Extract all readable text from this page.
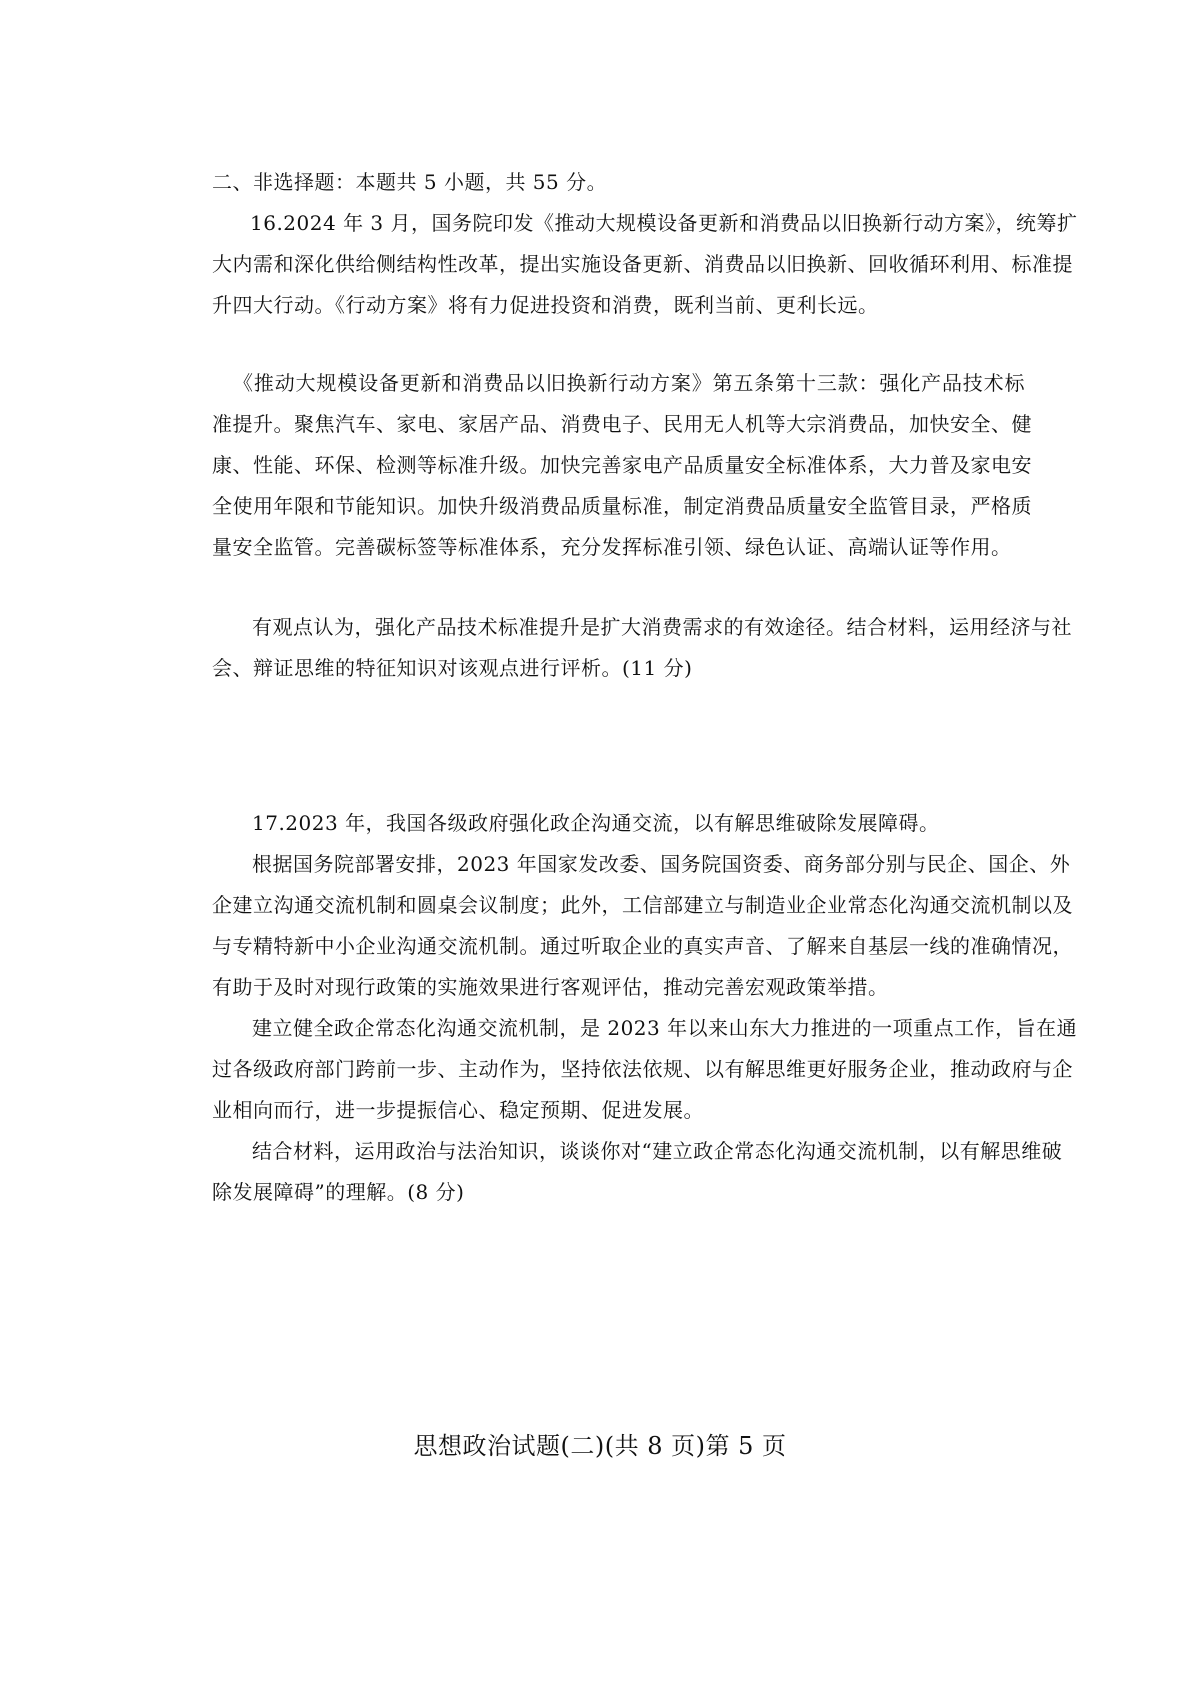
二、非选择题：本题共 5 小题，共 55 分。
16.2024 年 3 月，国务院印发《推动大规模设备更新和消费品以旧换新行动方案》，统筹扩
大内需和深化供给侧结构性改革，提出实施设备更新、消费品以旧换新、回收循环利用、标准提
升四大行动。《行动方案》将有力促进投资和消费，既利当前、更利长远。
《推动大规模设备更新和消费品以旧换新行动方案》第五条第十三款：强化产品技术标
准提升。聚焦汽车、家电、家居产品、消费电子、民用无人机等大宗消费品，加快安全、健
康、性能、环保、检测等标准升级。加快完善家电产品质量安全标准体系，大力普及家电安
全使用年限和节能知识。加快升级消费品质量标准，制定消费品质量安全监管目录，严格质
量安全监管。完善碳标签等标准体系，充分发挥标准引领、绿色认证、高端认证等作用。
有观点认为，强化产品技术标准提升是扩大消费需求的有效途径。结合材料，运用经济与社
会、辩证思维的特征知识对该观点进行评析。(11 分)
17.2023 年，我国各级政府强化政企沟通交流，以有解思维破除发展障碍。
根据国务院部署安排，2023 年国家发改委、国务院国资委、商务部分别与民企、国企、外
企建立沟通交流机制和圆桌会议制度；此外，工信部建立与制造业企业常态化沟通交流机制以及
与专精特新中小企业沟通交流机制。通过听取企业的真实声音、了解来自基层一线的准确情况，
有助于及时对现行政策的实施效果进行客观评估，推动完善宏观政策举措。
建立健全政企常态化沟通交流机制，是 2023 年以来山东大力推进的一项重点工作，旨在通
过各级政府部门跨前一步、主动作为，坚持依法依规、以有解思维更好服务企业，推动政府与企
业相向而行，进一步提振信心、稳定预期、促进发展。
结合材料，运用政治与法治知识，谈谈你对“建立政企常态化沟通交流机制，以有解思维破
除发展障碍”的理解。(8 分)
思想政治试题(二)(共 8 页)第 5 页
